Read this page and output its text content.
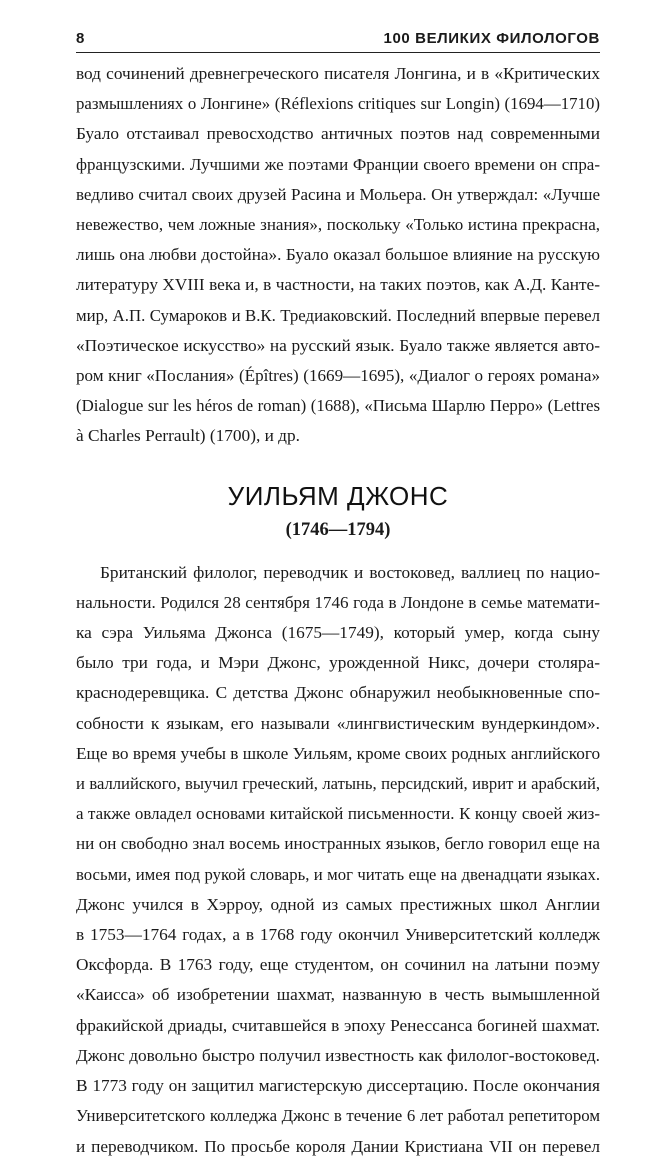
8	100 ВЕЛИКИХ ФИЛОЛОГОВ
вод сочинений древнегреческого писателя Лонгина, и в «Критических
размышлениях о Лонгине» (Réflexions critiques sur Longin) (1694—1710)
Буало отстаивал превосходство античных поэтов над современными
французскими. Лучшими же поэтами Франции своего времени он спра-
ведливо считал своих друзей Расина и Мольера. Он утверждал: «Лучше
невежество, чем ложные знания», поскольку «Только истина прекрасна,
лишь она любви достойна». Буало оказал большое влияние на русскую
литературу XVIII века и, в частности, на таких поэтов, как А.Д. Канте-
мир, А.П. Сумароков и В.К. Тредиаковский. Последний впервые перевел
«Поэтическое искусство» на русский язык. Буало также является авто-
ром книг «Послания» (Épîtres) (1669—1695), «Диалог о героях романа»
(Dialogue sur les héros de roman) (1688), «Письма Шарлю Перро» (Lettres
à Charles Perrault) (1700), и др.
УИЛЬЯМ ДЖОНС
(1746—1794)
Британский филолог, переводчик и востоковед, валлиец по нацио-
нальности. Родился 28 сентября 1746 года в Лондоне в семье математи-
ка сэра Уильяма Джонса (1675—1749), который умер, когда сыну
было три года, и Мэри Джонс, урожденной Никс, дочери столяра-
краснодеревщика. С детства Джонс обнаружил необыкновенные спо-
собности к языкам, его называли «лингвистическим вундеркиндом».
Еще во время учебы в школе Уильям, кроме своих родных английского
и валлийского, выучил греческий, латынь, персидский, иврит и арабский,
а также овладел основами китайской письменности. К концу своей жиз-
ни он свободно знал восемь иностранных языков, бегло говорил еще на
восьми, имея под рукой словарь, и мог читать еще на двенадцати языках.
Джонс учился в Хэрроу, одной из самых престижных школ Англии
в 1753—1764 годах, а в 1768 году окончил Университетский колледж
Оксфорда. В 1763 году, еще студентом, он сочинил на латыни поэму
«Каисса» об изобретении шахмат, названную в честь вымышленной
фракийской дриады, считавшейся в эпоху Ренессанса богиней шахмат.
Джонс довольно быстро получил известность как филолог-востоковед.
В 1773 году он защитил магистерскую диссертацию. После окончания
Университетского колледжа Джонс в течение 6 лет работал репетитором
и переводчиком. По просьбе короля Дании Кристиана VII он перевел
